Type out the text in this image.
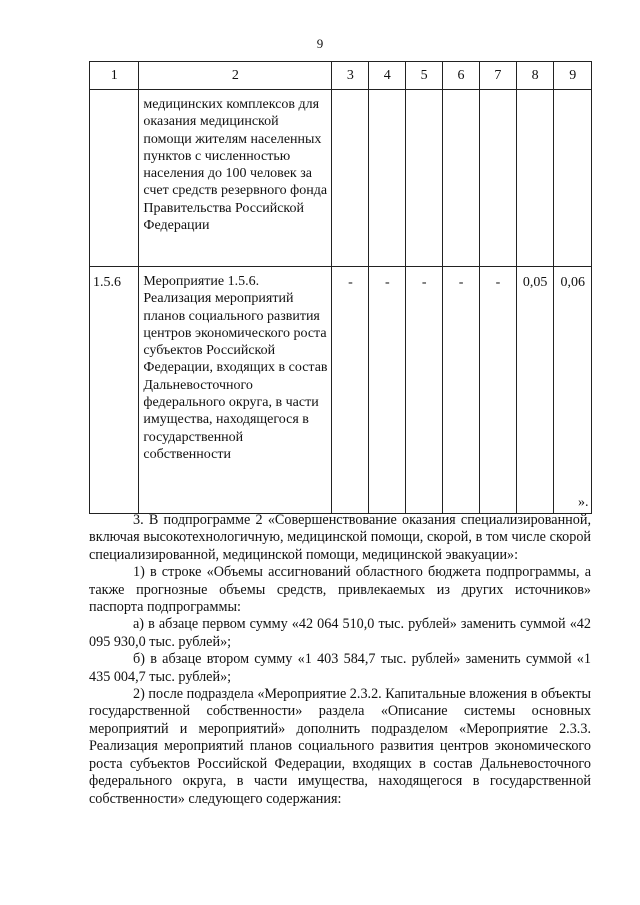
9
1	2	3	4	5	6	7	8	9
	медицинских комплексов для оказания медицинской помощи жителям населенных пунктов с численностью населения до 100 человек за счет средств резервного фонда Правительства Российской Федерации							
1.5.6	Мероприятие 1.5.6. Реализация мероприятий планов социального развития центров экономического роста субъектов Российской Федерации, входящих в состав Дальневосточного федерального округа, в части имущества, находящегося в государственной собственности	-	-	-	-	-	0,05	0,06
».

3. В подпрограмме 2 «Совершенствование оказания специализированной, включая высокотехнологичную, медицинской помощи, скорой, в том числе скорой специализированной, медицинской помощи, медицинской эвакуации»:

1) в строке «Объемы ассигнований областного бюджета подпрограммы, а также прогнозные объемы средств, привлекаемых из других источников» паспорта подпрограммы:

а) в абзаце первом сумму «42 064 510,0 тыс. рублей» заменить суммой «42 095 930,0 тыс. рублей»;

б) в абзаце втором сумму «1 403 584,7 тыс. рублей» заменить суммой «1 435 004,7 тыс. рублей»;

2) после подраздела «Мероприятие 2.3.2. Капитальные вложения в объекты государственной собственности» раздела «Описание системы основных мероприятий и мероприятий» дополнить подразделом «Мероприятие 2.3.3. Реализация мероприятий планов социального развития центров экономического роста субъектов Российской Федерации, входящих в состав Дальневосточного федерального округа, в части имущества, находящегося в государственной собственности» следующего содержания:
